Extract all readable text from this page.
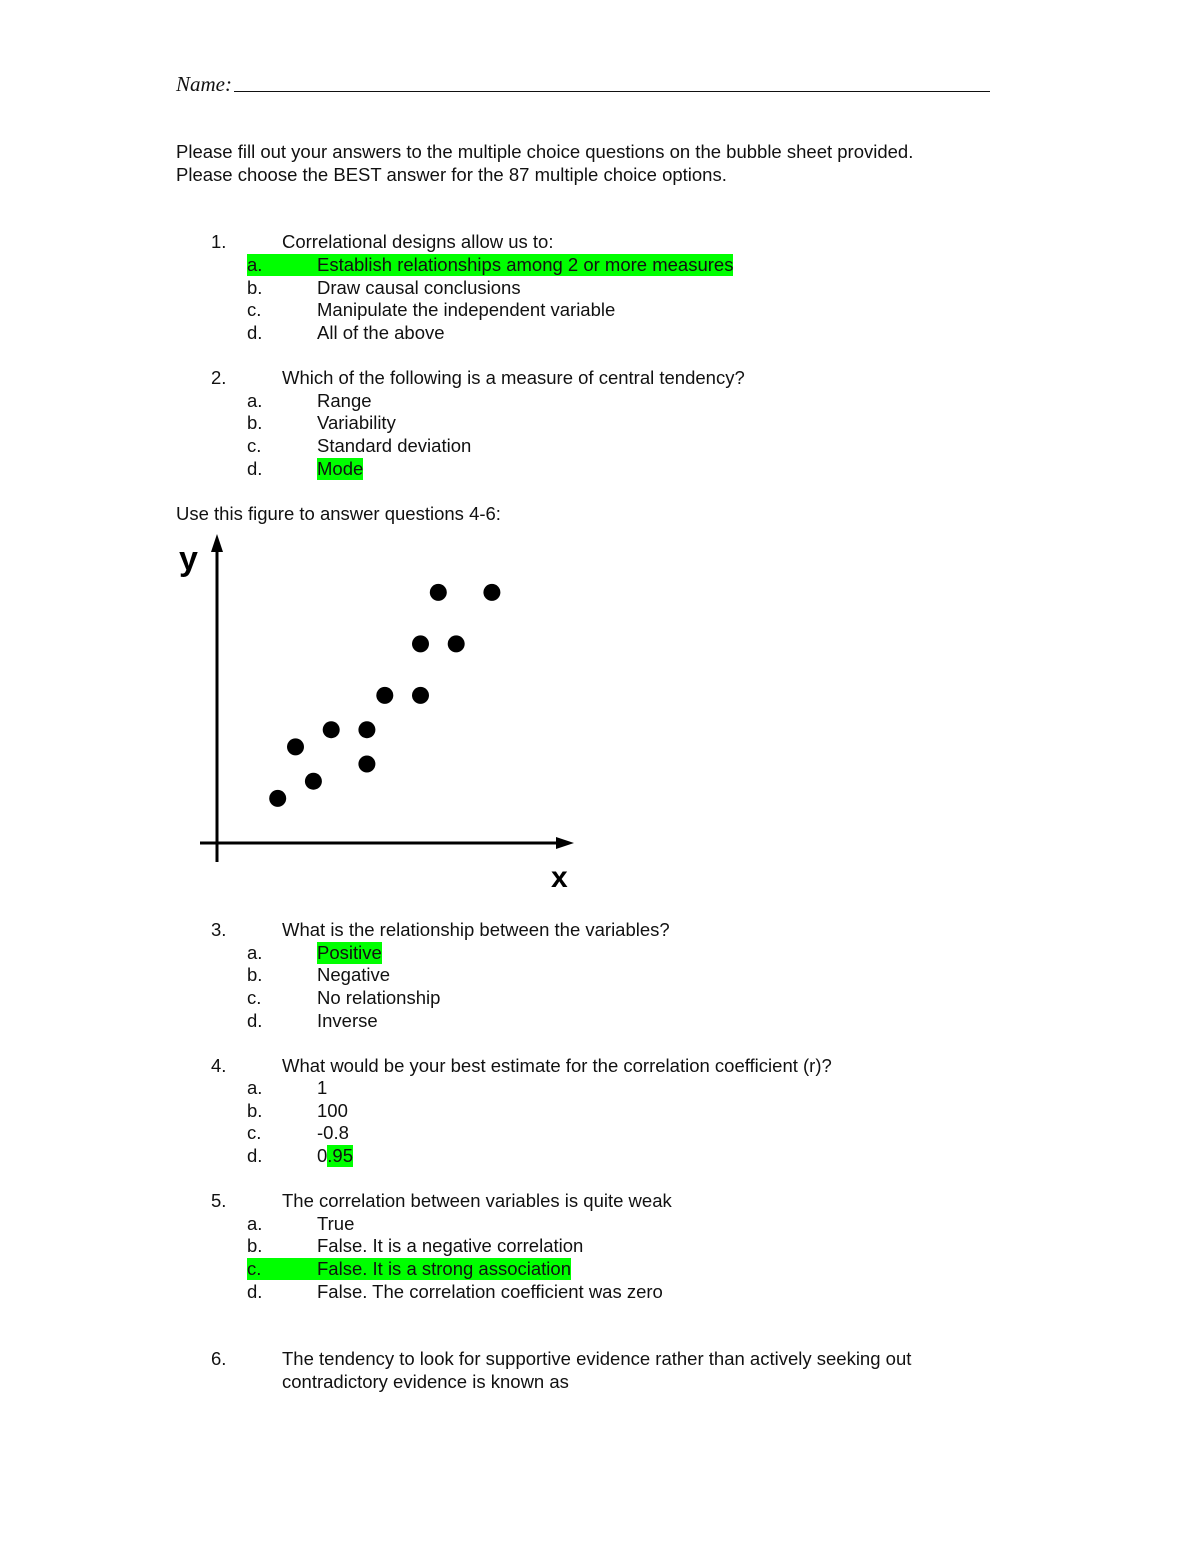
Name:
Please fill out your answers to the multiple choice questions on the bubble sheet provided.
Please choose the BEST answer for the 87 multiple choice options.
1.	Correlational designs allow us to:
a.	Establish relationships among 2 or more measures
b.	Draw causal conclusions
c.	Manipulate the independent variable
d.	All of the above
2.	Which of the following is a measure of central tendency?
a.	Range
b.	Variability
c.	Standard deviation
d.	Mode
Use this figure to answer questions 4-6:
y
x
3.	What is the relationship between the variables?
a.	Positive
b.	Negative
c.	No relationship
d.	Inverse
4.	What would be your best estimate for the correlation coefficient (r)?
a.	1
b.	100
c.	-0.8
d.	0 .95
5.	The correlation between variables is quite weak
a.	True
b.	False. It is a negative correlation
c.	False. It is a strong association
d.	False. The correlation coefficient was zero
6.	The tendency to look for supportive evidence rather than actively seeking out
contradictory evidence is known as
